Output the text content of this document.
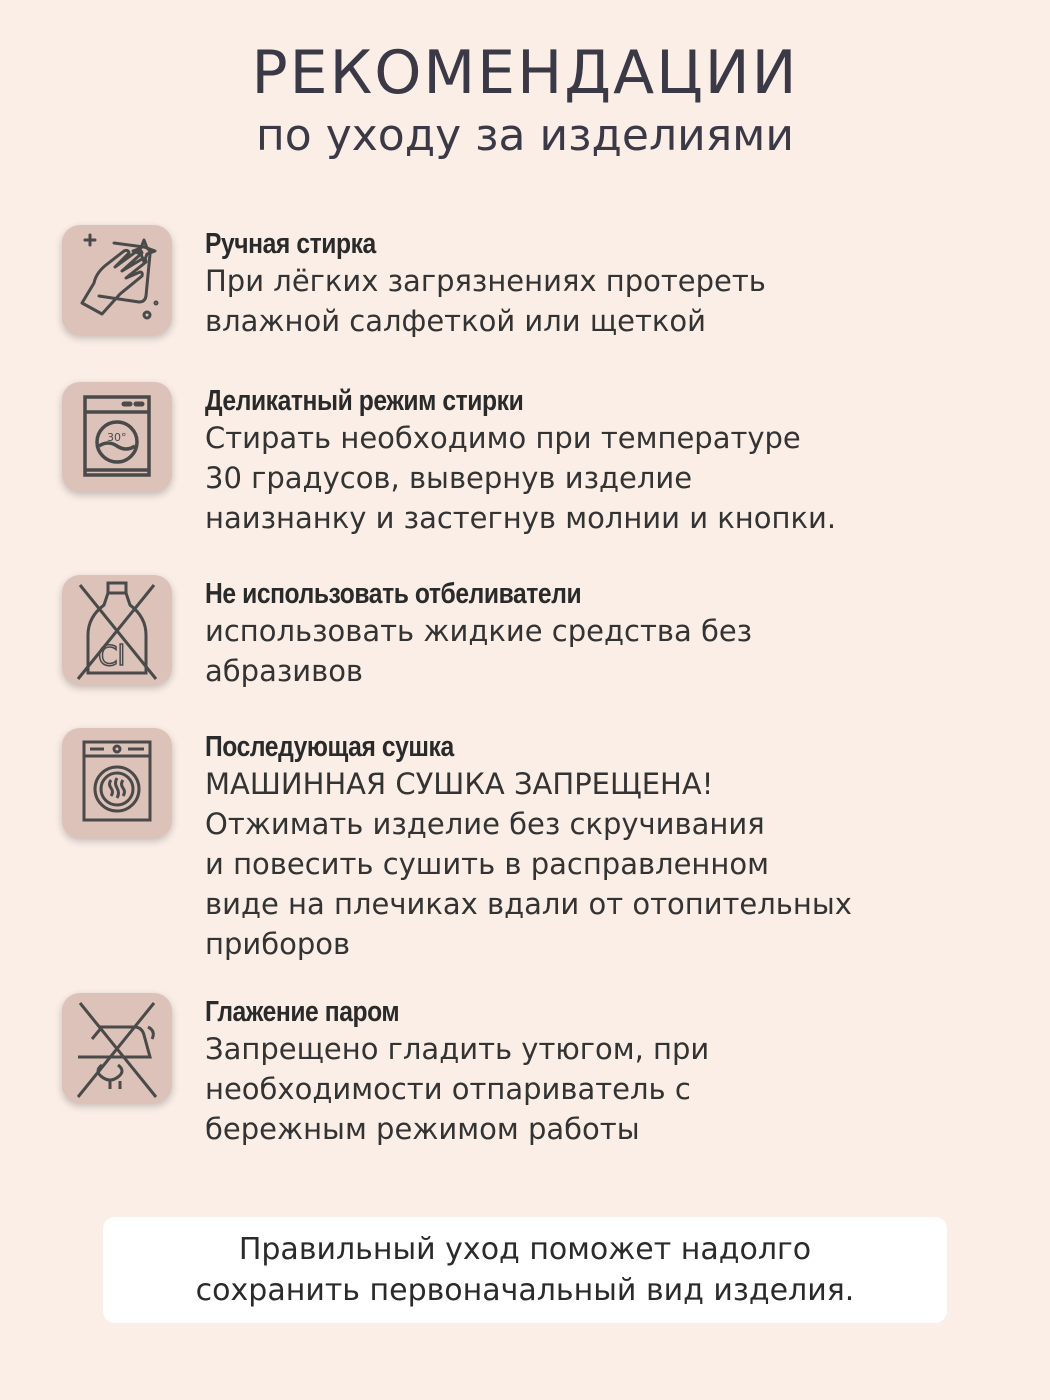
РЕКОМЕНДАЦИИ
по уходу за изделиями
Ручная стирка
При лёгких загрязнениях протереть
влажной салфеткой или щеткой
30°
Деликатный режим стирки
Стирать необходимо при температуре
30 градусов, вывернув изделие
наизнанку и застегнув молнии и кнопки.
Cl
Не использовать отбеливатели
использовать жидкие средства без
абразивов
Последующая сушка
МАШИННАЯ СУШКА ЗАПРЕЩЕНА!
Отжимать изделие без скручивания
и повесить сушить в расправленном
виде на плечиках вдали от отопительных
приборов
Глажение паром
Запрещено гладить утюгом, при
необходимости отпариватель с
бережным режимом работы
Правильный уход поможет надолго
сохранить первоначальный вид изделия.
